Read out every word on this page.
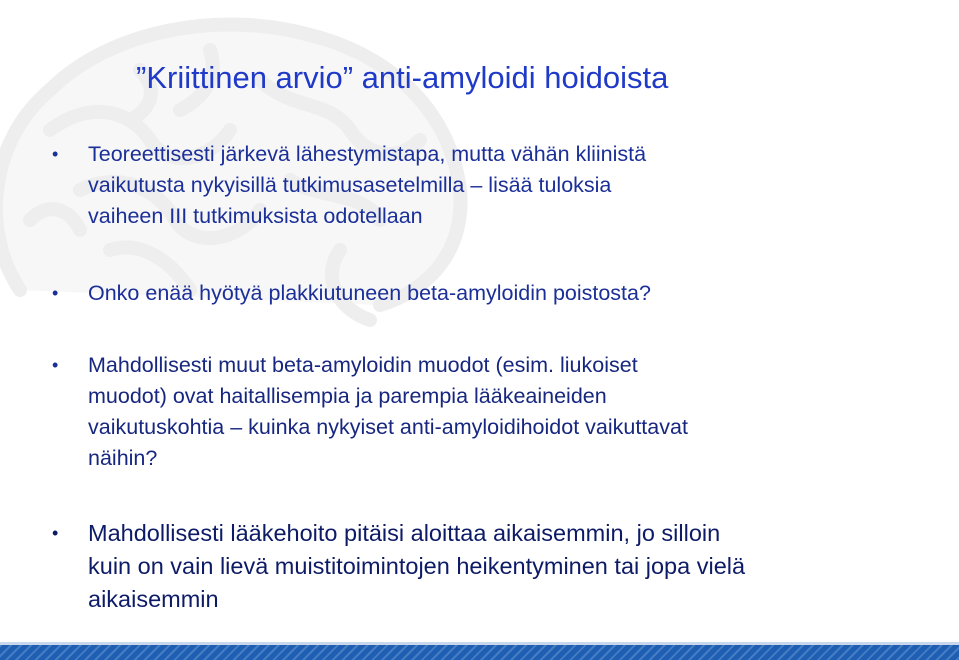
”Kriittinen arvio” anti-amyloidi hoidoista
• Teoreettisesti järkevä lähestymistapa, mutta vähän kliinistä
vaikutusta nykyisillä tutkimusasetelmilla – lisää tuloksia
vaiheen III tutkimuksista odotellaan
• Onko enää hyötyä plakkiutuneen beta-amyloidin poistosta?
• Mahdollisesti muut beta-amyloidin muodot (esim. liukoiset
muodot) ovat haitallisempia ja parempia lääkeaineiden
vaikutuskohtia – kuinka nykyiset anti-amyloidihoidot vaikuttavat
näihin?
• Mahdollisesti lääkehoito pitäisi aloittaa aikaisemmin, jo silloin
kuin on vain lievä muistitoimintojen heikentyminen tai jopa vielä
aikaisemmin
